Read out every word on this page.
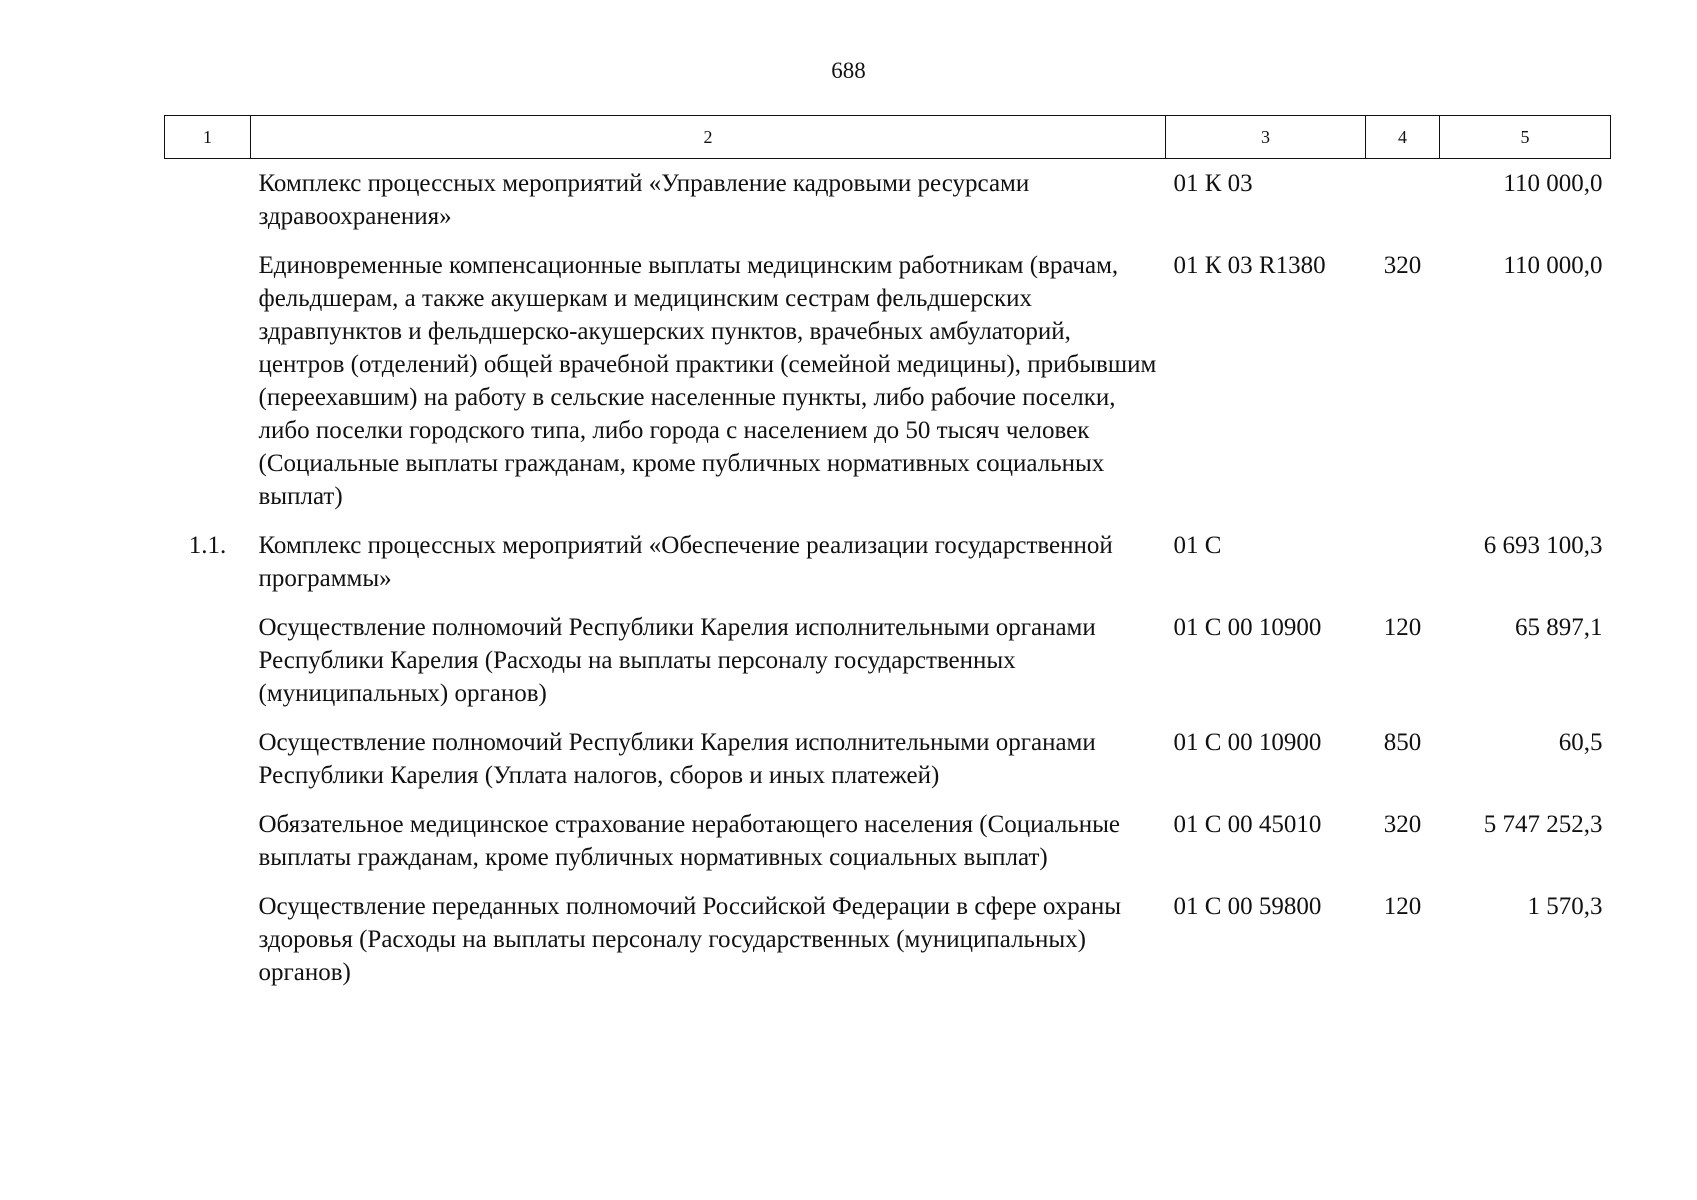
688
1	2	3	4	5
	Комплекс процессных мероприятий «Управление кадровыми ресурсами здравоохранения»	01 К 03		110 000,0
	Единовременные компенсационные выплаты медицинским работникам (врачам, фельдшерам, а также акушеркам и медицинским сестрам фельдшерских здравпунктов и фельдшерско-акушерских пунктов, врачебных амбулаторий, центров (отделений) общей врачебной практики (семейной медицины), прибывшим (переехавшим) на работу в сельские населенные пункты, либо рабочие поселки, либо поселки городского типа, либо города с населением до 50 тысяч человек (Социальные выплаты гражданам, кроме публичных нормативных социальных выплат)	01 К 03 R1380	320	110 000,0
1.1.	Комплекс процессных мероприятий «Обеспечение реализации государственной программы»	01 С		6 693 100,3
	Осуществление полномочий Республики Карелия исполнительными органами Республики Карелия (Расходы на выплаты персоналу государственных (муниципальных) органов)	01 С 00 10900	120	65 897,1
	Осуществление полномочий Республики Карелия исполнительными органами Республики Карелия (Уплата налогов, сборов и иных платежей)	01 С 00 10900	850	60,5
	Обязательное медицинское страхование неработающего населения (Социальные выплаты гражданам, кроме публичных нормативных социальных выплат)	01 С 00 45010	320	5 747 252,3
	Осуществление переданных полномочий Российской Федерации в сфере охраны здоровья (Расходы на выплаты персоналу государственных (муниципальных) органов)	01 С 00 59800	120	1 570,3
